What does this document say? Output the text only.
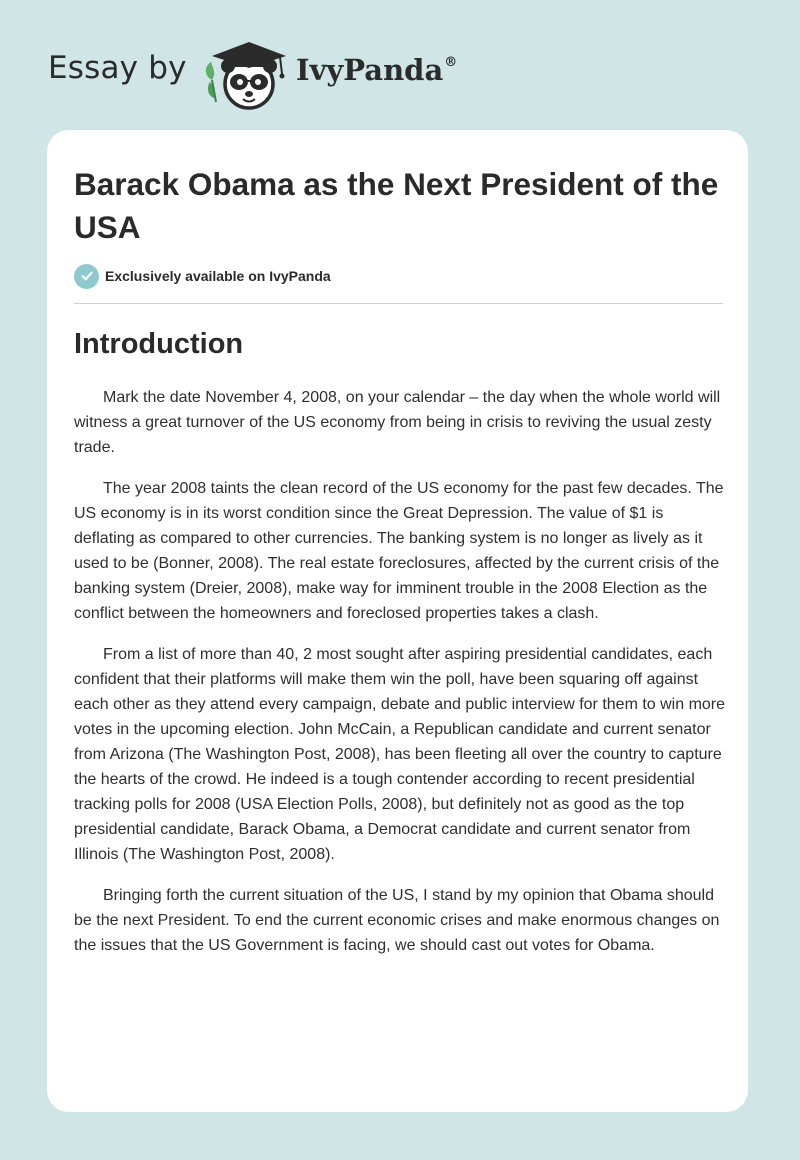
Essay by	IvyPanda®
Barack Obama as the Next President of the USA
Exclusively available on IvyPanda
Introduction

Mark the date November 4, 2008, on your calendar – the day when the whole world will witness a great turnover of the US economy from being in crisis to reviving the usual zesty trade.

The year 2008 taints the clean record of the US economy for the past few decades. The US economy is in its worst condition since the Great Depression. The value of $1 is deflating as compared to other currencies. The banking system is no longer as lively as it used to be (Bonner, 2008). The real estate foreclosures, affected by the current crisis of the banking system (Dreier, 2008), make way for imminent trouble in the 2008 Election as the conflict between the homeowners and foreclosed properties takes a clash.

From a list of more than 40, 2 most sought after aspiring presidential candidates, each confident that their platforms will make them win the poll, have been squaring off against each other as they attend every campaign, debate and public interview for them to win more votes in the upcoming election. John McCain, a Republican candidate and current senator from Arizona (The Washington Post, 2008), has been fleeting all over the country to capture the hearts of the crowd. He indeed is a tough contender according to recent presidential tracking polls for 2008 (USA Election Polls, 2008), but definitely not as good as the top presidential candidate, Barack Obama, a Democrat candidate and current senator from Illinois (The Washington Post, 2008).

Bringing forth the current situation of the US, I stand by my opinion that Obama should be the next President. To end the current economic crises and make enormous changes on the issues that the US Government is facing, we should cast out votes for Obama.
